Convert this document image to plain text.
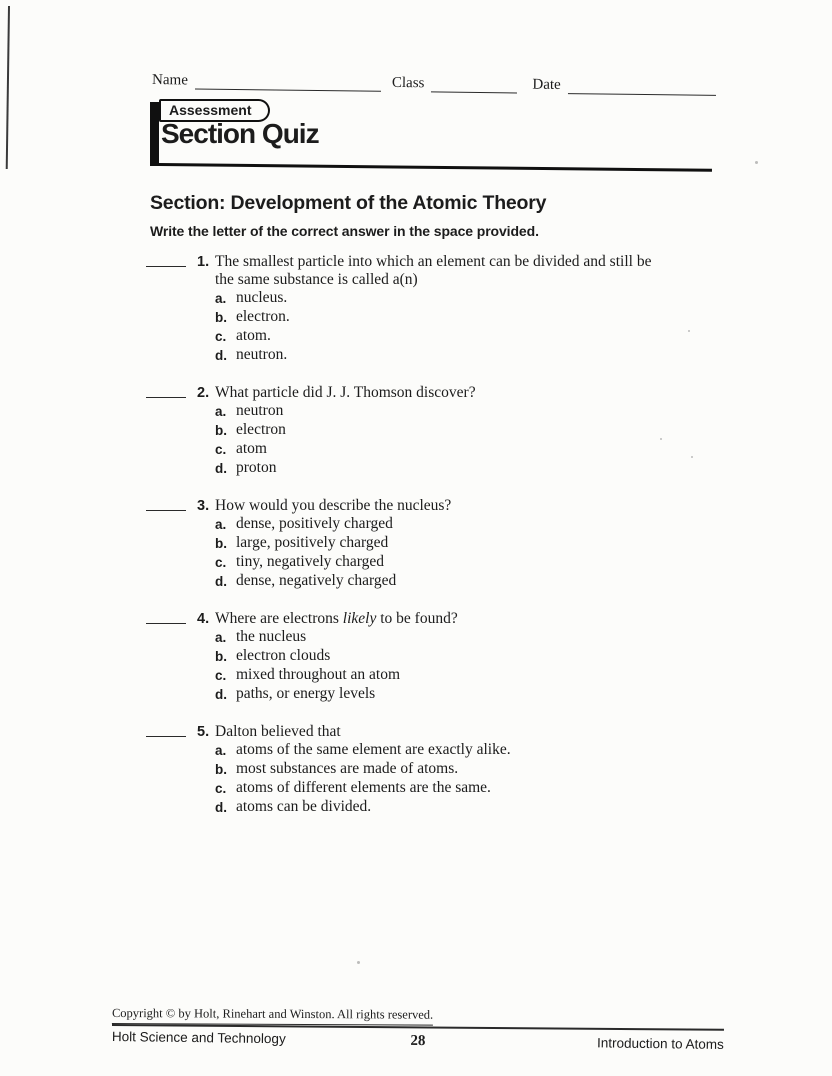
Name	Class	Date
Assessment
Section Quiz
Section: Development of the Atomic Theory
Write the letter of the correct answer in the space provided.
1. The smallest particle into which an element can be divided and still be
the same substance is called a(n)
a. nucleus.
b. electron.
c. atom.
d. neutron.
2. What particle did J. J. Thomson discover?
a. neutron
b. electron
c. atom
d. proton
3. How would you describe the nucleus?
a. dense, positively charged
b. large, positively charged
c. tiny, negatively charged
d. dense, negatively charged
4. Where are electrons likely to be found?
a. the nucleus
b. electron clouds
c. mixed throughout an atom
d. paths, or energy levels
5. Dalton believed that
a. atoms of the same element are exactly alike.
b. most substances are made of atoms.
c. atoms of different elements are the same.
d. atoms can be divided.
Copyright © by Holt, Rinehart and Winston. All rights reserved.
Holt Science and Technology	28	Introduction to Atoms
